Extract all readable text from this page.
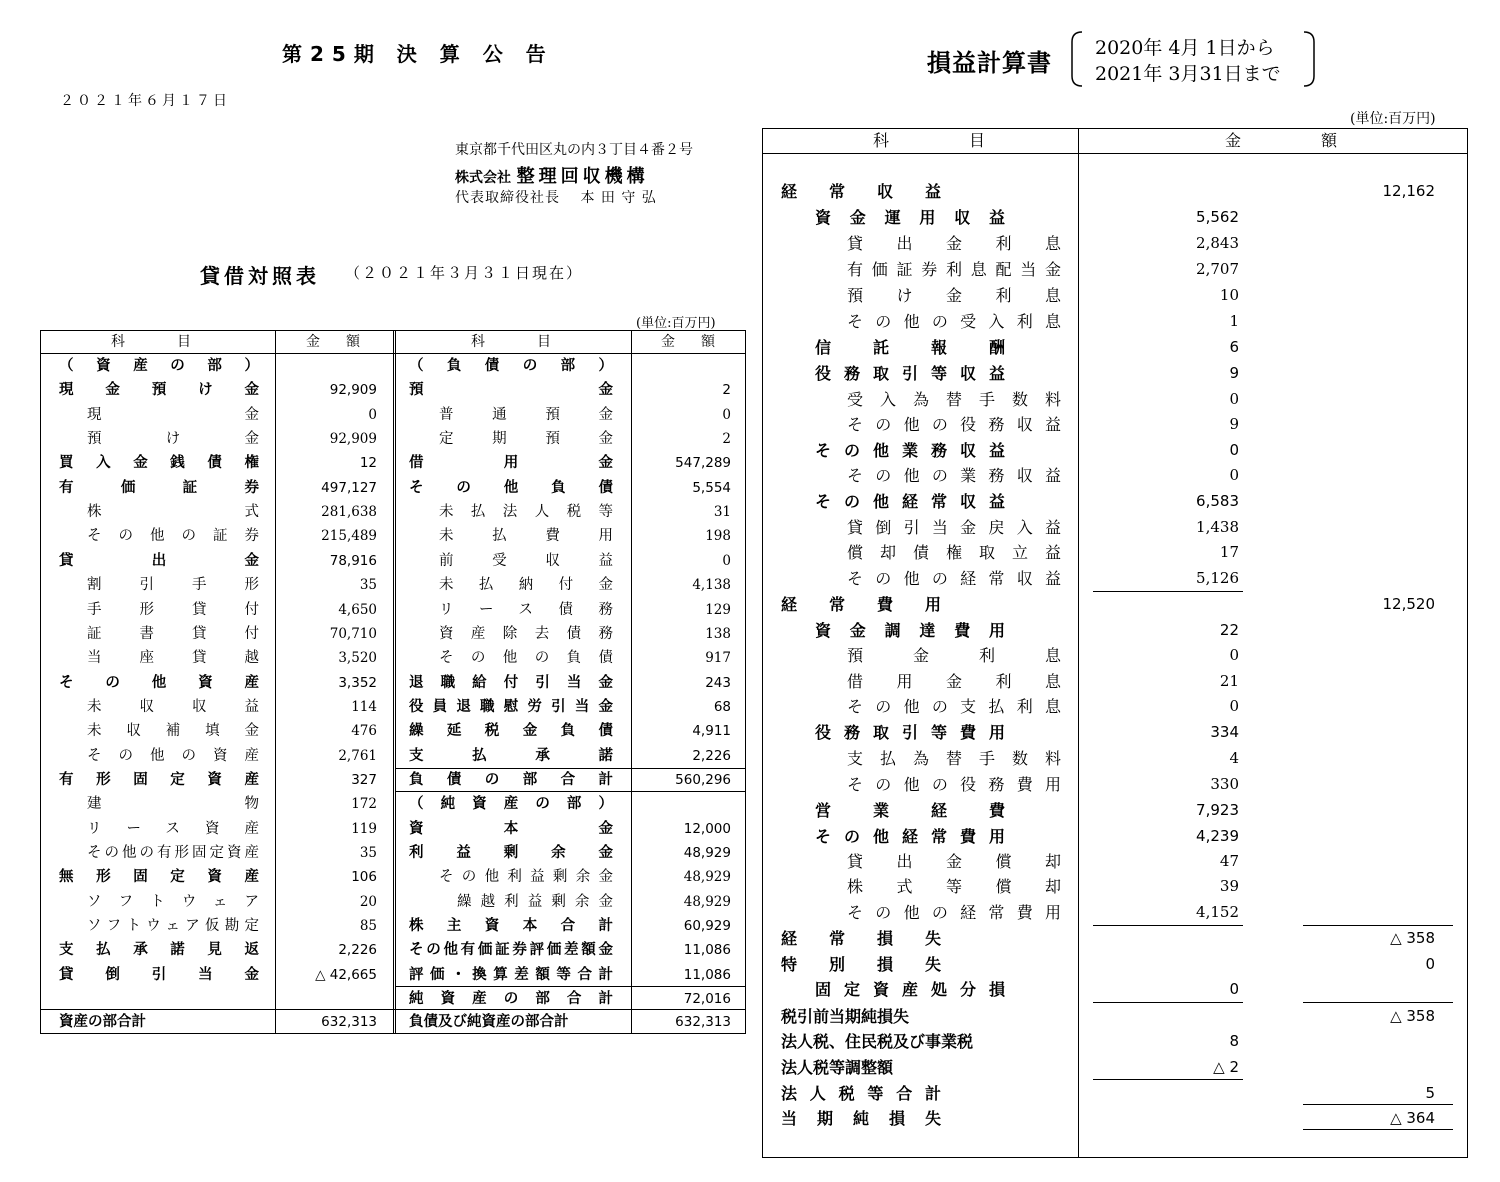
第25期 決 算 公 告
２０２１年６月１７日
東京都千代田区丸の内３丁目４番２号
株式会社 整理回収機構
代表取締役社長　 本 田 守 弘
貸借対照表 （２０２１年３月３１日現在）
(単位:百万円)
科　　目	金　額	科　　目	金　額
（資産の部）
現金預け金	92,909
現金	0
預け金	92,909
買入金銭債権	12
有価証券	497,127
株式	281,638
その他の証券	215,489
貸出金	78,916
割引手形	35
手形貸付	4,650
証書貸付	70,710
当座貸越	3,520
その他資産	3,352
未収収益	114
未収補填金	476
その他の資産	2,761
有形固定資産	327
建物	172
リース資産	119
その他の有形固定資産	35
無形固定資産	106
ソフトウェア	20
ソフトウェア仮勘定	85
支払承諾見返	2,226
貸倒引当金	△ 42,665
（負債の部）
預金	2
普通預金	0
定期預金	2
借用金	547,289
その他負債	5,554
未払法人税等	31
未払費用	198
前受収益	0
未払納付金	4,138
リース債務	129
資産除去債務	138
その他の負債	917
退職給付引当金	243
役員退職慰労引当金	68
繰延税金負債	4,911
支払承諾	2,226
負債の部合計	560,296
（純資産の部）
資本金	12,000
利益剰余金	48,929
その他利益剰余金	48,929
繰越利益剰余金	48,929
株主資本合計	60,929
その他有価証券評価差額金	11,086
評価・換算差額等合計	11,086
純資産の部合計	72,016
資産の部合計	632,313 負債及び純資産の部合計	632,313
損益計算書
2020年 4月 1日から
2021年 3月31日まで
(単位:百万円)
科　　　目	金　　　額
経常収益	12,162
資金運用収益	5,562
貸出金利息	2,843
有価証券利息配当金	2,707
預け金利息	10
その他の受入利息	1
信託報酬	6
役務取引等収益	9
受入為替手数料	0
その他の役務収益	9
その他業務収益	0
その他の業務収益	0
その他経常収益	6,583
貸倒引当金戻入益	1,438
償却債権取立益	17
その他の経常収益	5,126
経常費用	12,520
資金調達費用	22
預金利息	0
借用金利息	21
その他の支払利息	0
役務取引等費用	334
支払為替手数料	4
その他の役務費用	330
営業経費	7,923
その他経常費用	4,239
貸出金償却	47
株式等償却	39
その他の経常費用	4,152
経常損失	△ 358
特別損失	0
固定資産処分損	0
税引前当期純損失	△ 358
法人税、住民税及び事業税	8
法人税等調整額	△ 2
法人税等合計	5
当期純損失	△ 364
